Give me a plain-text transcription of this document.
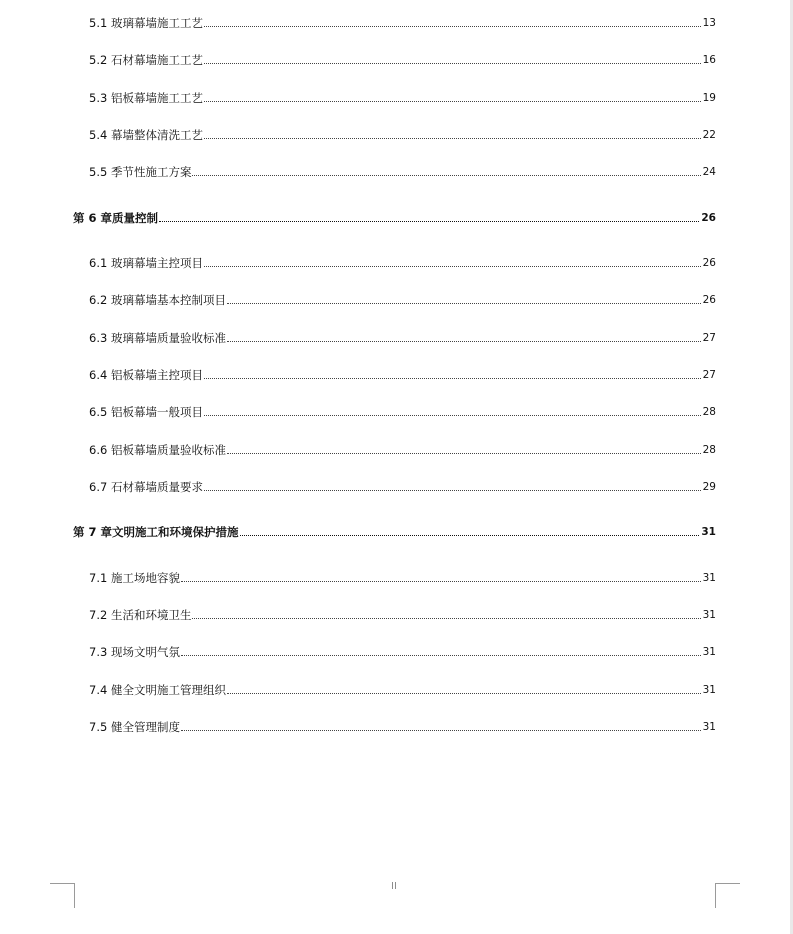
5.1 玻璃幕墙施工工艺	13
5.2 石材幕墙施工工艺	16
5.3 铝板幕墙施工工艺	19
5.4 幕墙整体清洗工艺	22
5.5 季节性施工方案	24
第 6 章质量控制	26
6.1 玻璃幕墙主控项目	26
6.2 玻璃幕墙基本控制项目	26
6.3 玻璃幕墙质量验收标准	27
6.4 铝板幕墙主控项目	27
6.5 铝板幕墙一般项目	28
6.6 铝板幕墙质量验收标准	28
6.7 石材幕墙质量要求	29
第 7 章文明施工和环境保护措施	31
7.1 施工场地容貌	31
7.2 生活和环境卫生	31
7.3 现场文明气氛	31
7.4 健全文明施工管理组织	31
7.5 健全管理制度	31
II
